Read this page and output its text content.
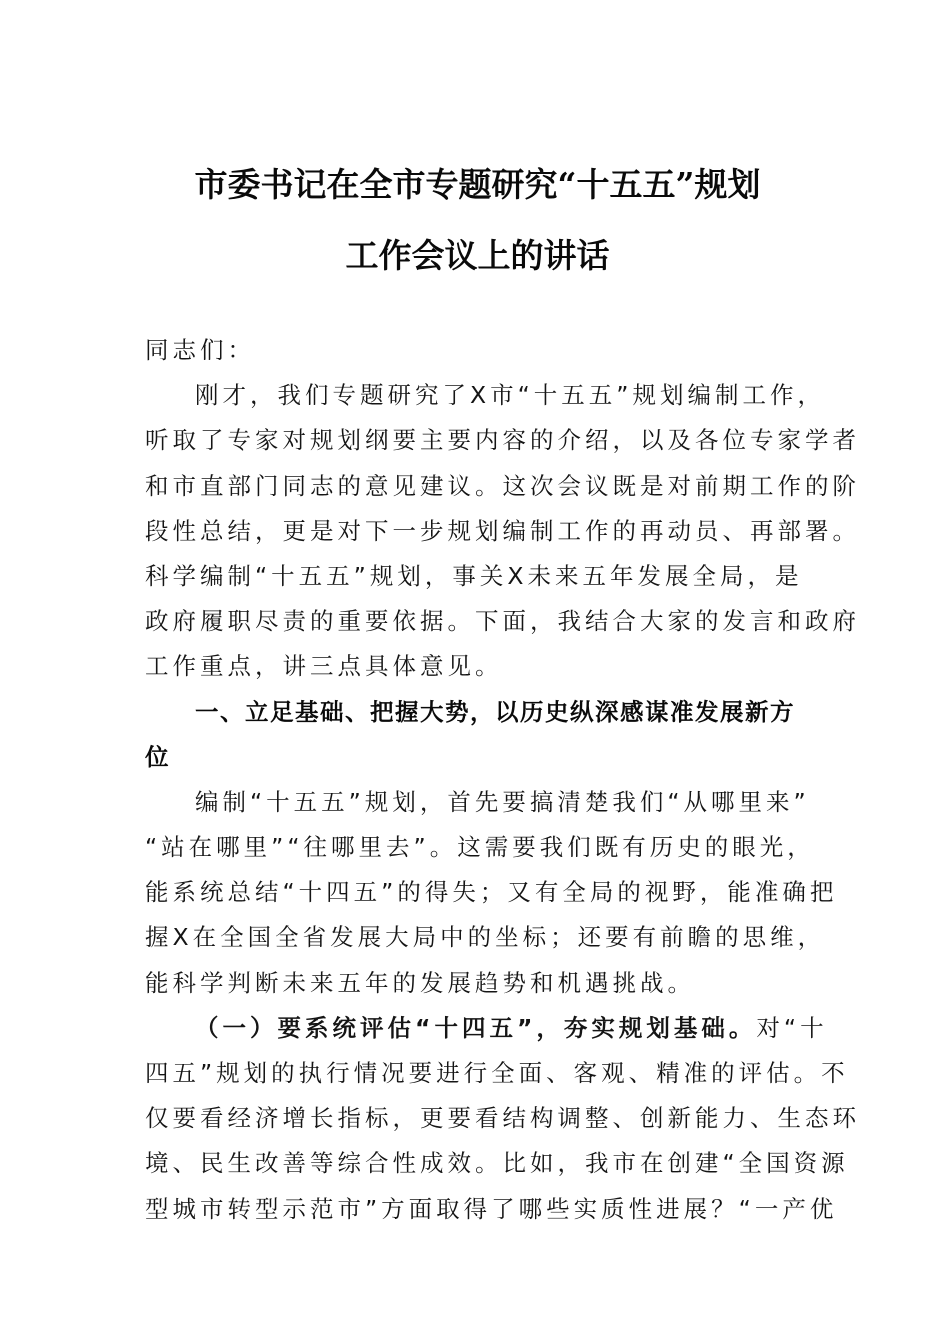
市委书记在全市专题研究“十五五”规划
工作会议上的讲话
同志们：
刚才，我们专题研究了X市“十五五”规划编制工作，
听取了专家对规划纲要主要内容的介绍，以及各位专家学者
和市直部门同志的意见建议。这次会议既是对前期工作的阶
段性总结，更是对下一步规划编制工作的再动员、再部署。
科学编制“十五五”规划，事关X未来五年发展全局，是
政府履职尽责的重要依据。下面，我结合大家的发言和政府
工作重点，讲三点具体意见。
一、立足基础、把握大势，以历史纵深感谋准发展新方
位
编制“十五五”规划，首先要搞清楚我们“从哪里来”
“站在哪里”“往哪里去”。这需要我们既有历史的眼光，
能系统总结“十四五”的得失；又有全局的视野，能准确把
握X在全国全省发展大局中的坐标；还要有前瞻的思维，
能科学判断未来五年的发展趋势和机遇挑战。
（一）要系统评估“十四五”，夯实规划基础。对“十
四五”规划的执行情况要进行全面、客观、精准的评估。不
仅要看经济增长指标，更要看结构调整、创新能力、生态环
境、民生改善等综合性成效。比如，我市在创建“全国资源
型城市转型示范市”方面取得了哪些实质性进展？“一产优
